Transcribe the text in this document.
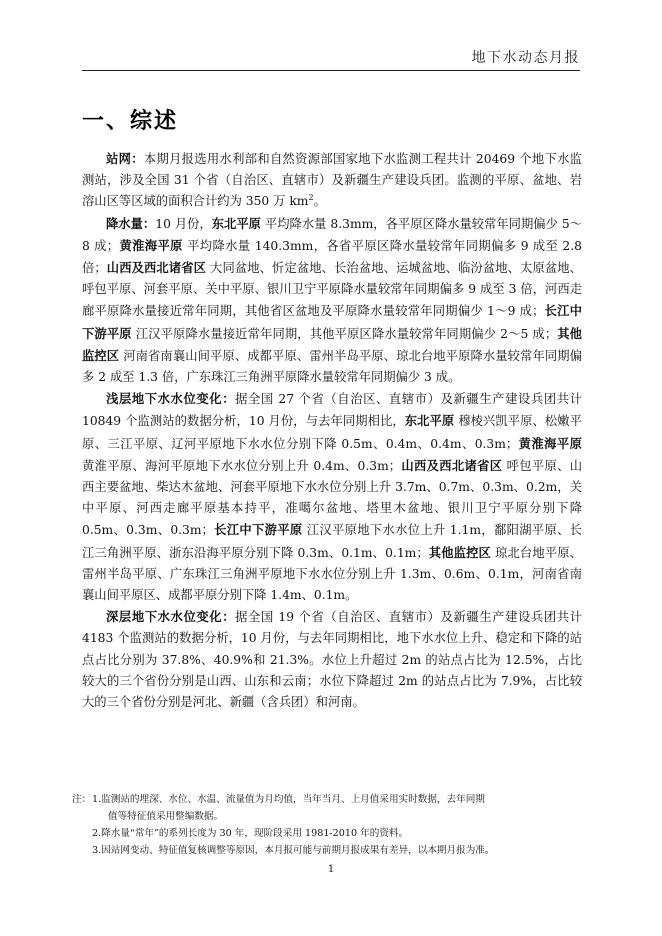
地下水动态月报
一、综述

站网：本期月报选用水利部和自然资源部国家地下水监测工程共计 20469 个地下水监测站，涉及全国 31 个省（自治区、直辖市）及新疆生产建设兵团。监测的平原、盆地、岩溶山区等区域的面积合计约为 350 万 $km^2$。

降水量：10 月份，东北平原 平均降水量 8.3mm，各平原区降水量较常年同期偏少 5～8 成；黄淮海平原 平均降水量 140.3mm，各省平原区降水量较常年同期偏多 9 成至 2.8 倍；山西及西北诸省区 大同盆地、忻定盆地、长治盆地、运城盆地、临汾盆地、太原盆地、呼包平原、河套平原、关中平原、银川卫宁平原降水量较常年同期偏多 9 成至 3 倍，河西走廊平原降水量接近常年同期，其他省区盆地及平原降水量较常年同期偏少 1～9 成；长江中下游平原 江汉平原降水量接近常年同期，其他平原区降水量较常年同期偏少 2～5 成；其他监控区 河南省南襄山间平原、成都平原、雷州半岛平原、琼北台地平原降水量较常年同期偏多 2 成至 1.3 倍，广东珠江三角洲平原降水量较常年同期偏少 3 成。

浅层地下水水位变化：据全国 27 个省（自治区、直辖市）及新疆生产建设兵团共计 10849 个监测站的数据分析，10 月份，与去年同期相比，东北平原 穆棱兴凯平原、松嫩平原、三江平原、辽河平原地下水水位分别下降 0.5m、0.4m、0.4m、0.3m；黄淮海平原 黄淮平原、海河平原地下水水位分别上升 0.4m、0.3m；山西及西北诸省区 呼包平原、山西主要盆地、柴达木盆地、河套平原地下水水位分别上升 3.7m、0.7m、0.3m、0.2m，关中平原、河西走廊平原基本持平，准噶尔盆地、塔里木盆地、银川卫宁平原分别下降 0.5m、0.3m、0.3m；长江中下游平原 江汉平原地下水水位上升 1.1m，鄱阳湖平原、长江三角洲平原、浙东沿海平原分别下降 0.3m、0.1m、0.1m；其他监控区 琼北台地平原、雷州半岛平原、广东珠江三角洲平原地下水水位分别上升 1.3m、0.6m、0.1m，河南省南襄山间平原区、成都平原分别下降 1.4m、0.1m。

深层地下水水位变化：据全国 19 个省（自治区、直辖市）及新疆生产建设兵团共计 4183 个监测站的数据分析，10 月份，与去年同期相比，地下水水位上升、稳定和下降的站点占比分别为 37.8%、40.9%和 21.3%。水位上升超过 2m 的站点占比为 12.5%，占比较大的三个省份分别是山西、山东和云南；水位下降超过 2m 的站点占比为 7.9%，占比较大的三个省份分别是河北、新疆（含兵团）和河南。

注：1.监测站的埋深、水位、水温、流量值为月均值，当年当月、上月值采用实时数据，去年同期
值等特征值采用整编数据。
2.降水量“常年”的系列长度为 30 年，现阶段采用 1981-2010 年的资料。
3.因站网变动、特征值复核调整等原因，本月报可能与前期月报成果有差异，以本期月报为准。
1
